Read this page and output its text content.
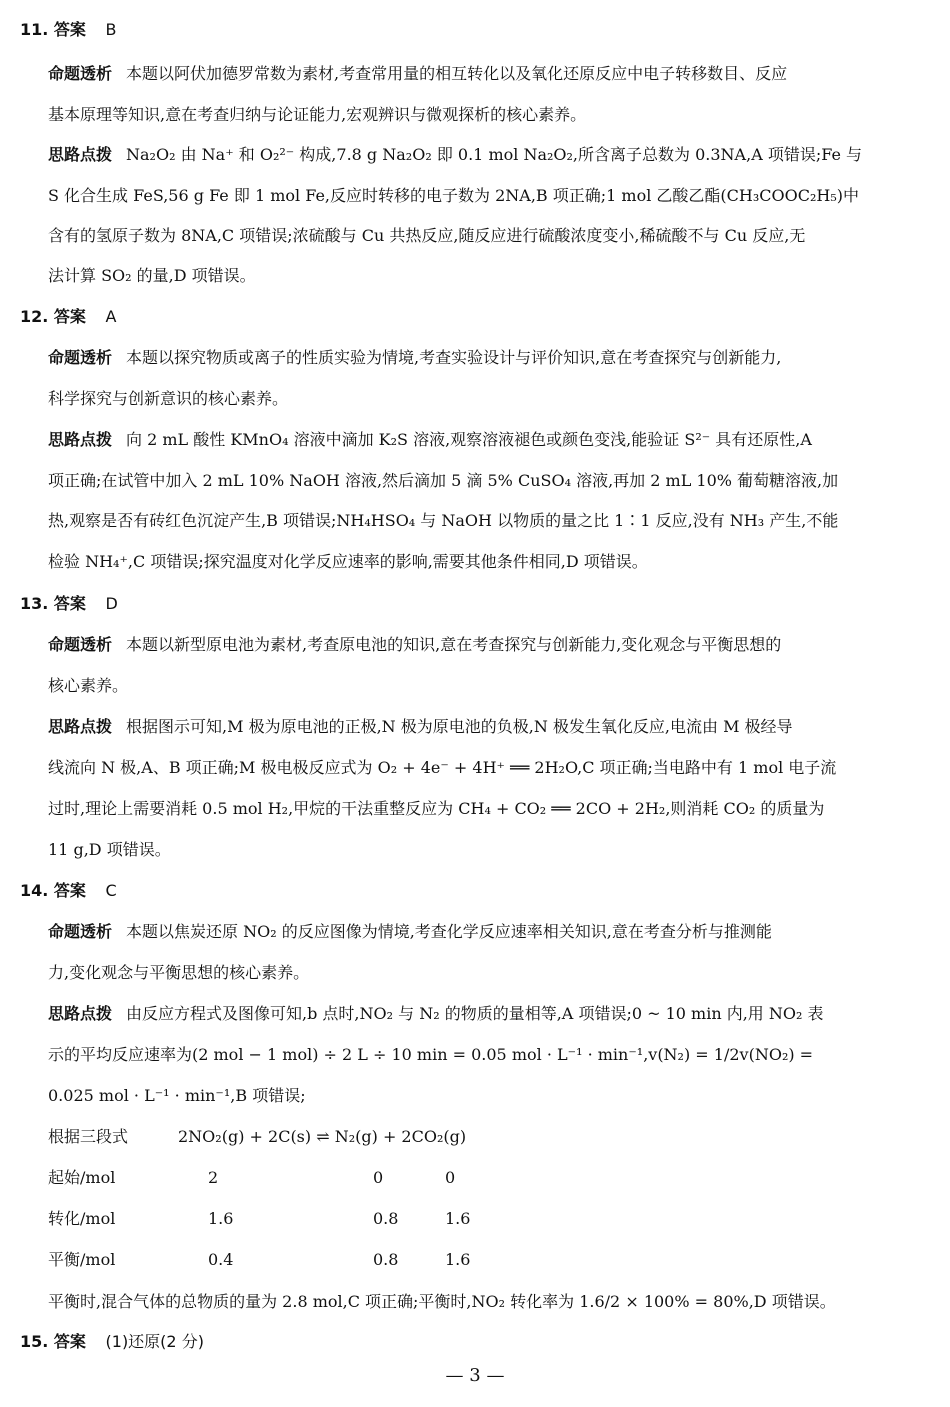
11. 答案 B
命题透析 本题以阿伏加德罗常数为素材,考查常用量的相互转化以及氧化还原反应中电子转移数目、反应
基本原理等知识,意在考查归纳与论证能力,宏观辨识与微观探析的核心素养。
思路点拨 Na₂O₂ 由 Na⁺ 和 O₂²⁻ 构成,7.8 g Na₂O₂ 即 0.1 mol Na₂O₂,所含离子总数为 0.3NA,A 项错误;Fe 与
S 化合生成 FeS,56 g Fe 即 1 mol Fe,反应时转移的电子数为 2NA,B 项正确;1 mol 乙酸乙酯(CH₃COOC₂H₅)中
含有的氢原子数为 8NA,C 项错误;浓硫酸与 Cu 共热反应,随反应进行硫酸浓度变小,稀硫酸不与 Cu 反应,无
法计算 SO₂ 的量,D 项错误。
12. 答案 A
命题透析 本题以探究物质或离子的性质实验为情境,考查实验设计与评价知识,意在考查探究与创新能力,
科学探究与创新意识的核心素养。
思路点拨 向 2 mL 酸性 KMnO₄ 溶液中滴加 K₂S 溶液,观察溶液褪色或颜色变浅,能验证 S²⁻ 具有还原性,A
项正确;在试管中加入 2 mL 10% NaOH 溶液,然后滴加 5 滴 5% CuSO₄ 溶液,再加 2 mL 10% 葡萄糖溶液,加
热,观察是否有砖红色沉淀产生,B 项错误;NH₄HSO₄ 与 NaOH 以物质的量之比 1∶1 反应,没有 NH₃ 产生,不能
检验 NH₄⁺,C 项错误;探究温度对化学反应速率的影响,需要其他条件相同,D 项错误。
13. 答案 D
命题透析 本题以新型原电池为素材,考查原电池的知识,意在考查探究与创新能力,变化观念与平衡思想的
核心素养。
思路点拨 根据图示可知,M 极为原电池的正极,N 极为原电池的负极,N 极发生氧化反应,电流由 M 极经导
线流向 N 极,A、B 项正确;M 极电极反应式为 O₂ + 4e⁻ + 4H⁺ ══ 2H₂O,C 项正确;当电路中有 1 mol 电子流
过时,理论上需要消耗 0.5 mol H₂,甲烷的干法重整反应为 CH₄ + CO₂ ══ 2CO + 2H₂,则消耗 CO₂ 的质量为
11 g,D 项错误。
14. 答案 C
命题透析 本题以焦炭还原 NO₂ 的反应图像为情境,考查化学反应速率相关知识,意在考查分析与推测能
力,变化观念与平衡思想的核心素养。
思路点拨 由反应方程式及图像可知,b 点时,NO₂ 与 N₂ 的物质的量相等,A 项错误;0 ~ 10 min 内,用 NO₂ 表
示的平均反应速率为(2 mol − 1 mol) ÷ 2 L ÷ 10 min = 0.05 mol · L⁻¹ · min⁻¹,v(N₂) = 1/2v(NO₂) =
0.025 mol · L⁻¹ · min⁻¹,B 项错误;
根据三段式	2NO₂(g) + 2C(s) ⇌ N₂(g) + 2CO₂(g)
起始/mol	2	0	0
转化/mol	1.6	0.8	1.6
平衡/mol	0.4	0.8	1.6
平衡时,混合气体的总物质的量为 2.8 mol,C 项正确;平衡时,NO₂ 转化率为 1.6/2 × 100% = 80%,D 项错误。
15. 答案 (1)还原(2 分)
— 3 —
